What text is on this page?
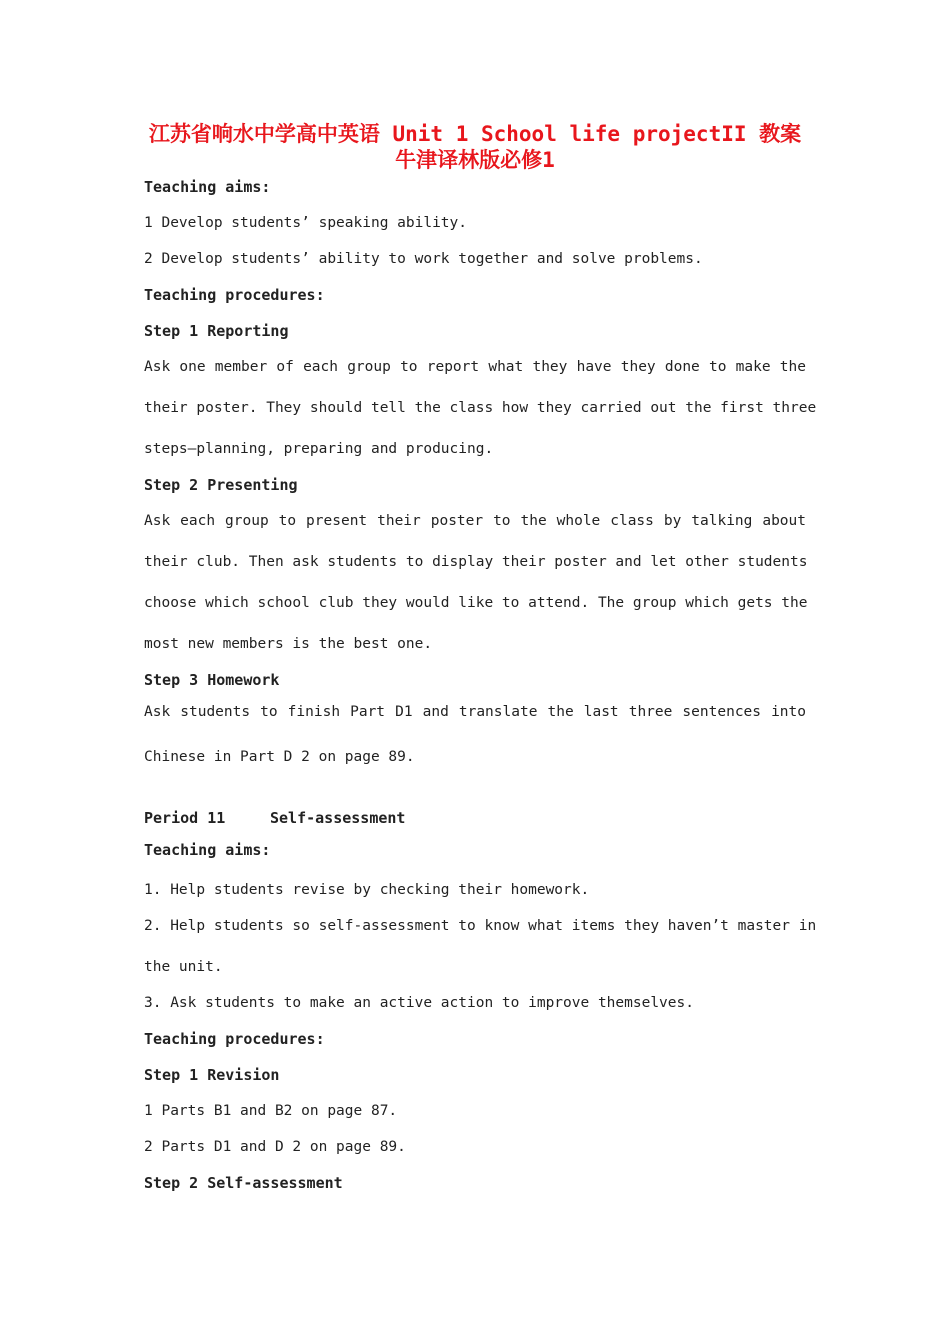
江苏省响水中学高中英语 Unit 1 School life projectII 教案 牛津译林版必修1
Teaching aims:
1 Develop students’ speaking ability.
2 Develop students’ ability to work together and solve problems.
Teaching procedures:
Step 1 Reporting
Ask one member of each group to report what they have they done to make the
their poster. They should tell the class how they carried out the first three
steps—planning, preparing and producing.
Step 2 Presenting
Ask each group to present their poster to the whole class by talking about
their club. Then ask students to display their poster and let other students
choose which school club they would like to attend. The group which gets the
most new members is the best one.
Step 3 Homework
Ask students to finish Part D1 and translate the last three sentences into
Chinese in Part D 2 on page 89.
Period 11	Self-assessment
Teaching aims:
1. Help students revise by checking their homework.
2. Help students so self-assessment to know what items they haven’t master in
the unit.
3. Ask students to make an active action to improve themselves.
Teaching procedures:
Step 1 Revision
1 Parts B1 and B2 on page 87.
2 Parts D1 and D 2 on page 89.
Step 2 Self-assessment
